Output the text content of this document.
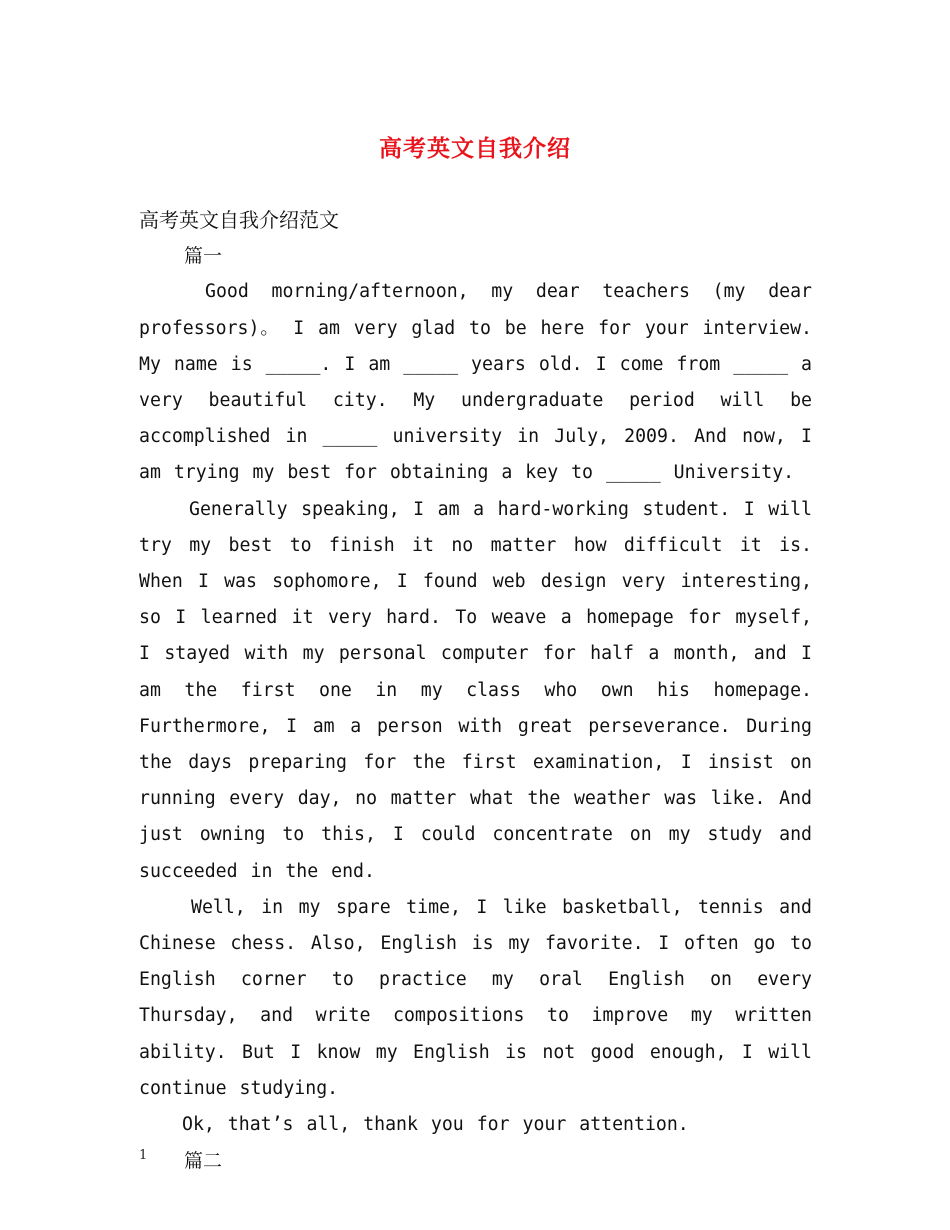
高考英文自我介绍

高考英文自我介绍范文

篇一

Good morning/afternoon, my dear teachers (my dear professors)。 I am very glad to be here for your interview. My name is _____. I am _____ years old. I come from _____ a very beautiful city. My undergraduate period will be accomplished in _____ university in July, 2009. And now, I am trying my best for obtaining a key to _____ University.

Generally speaking, I am a hard-working student. I will try my best to finish it no matter how difficult it is. When I was sophomore, I found web design very interesting, so I learned it very hard. To weave a homepage for myself, I stayed with my personal computer for half a month, and I am the first one in my class who own his homepage. Furthermore, I am a person with great perseverance. During the days preparing for the first examination, I insist on running every day, no matter what the weather was like. And just owning to this, I could concentrate on my study and succeeded in the end.

Well, in my spare time, I like basketball, tennis and Chinese chess. Also, English is my favorite. I often go to English corner to practice my oral English on every Thursday, and write compositions to improve my written ability. But I know my English is not good enough, I will continue studying.

Ok, that’s all, thank you for your attention.

篇二

1
